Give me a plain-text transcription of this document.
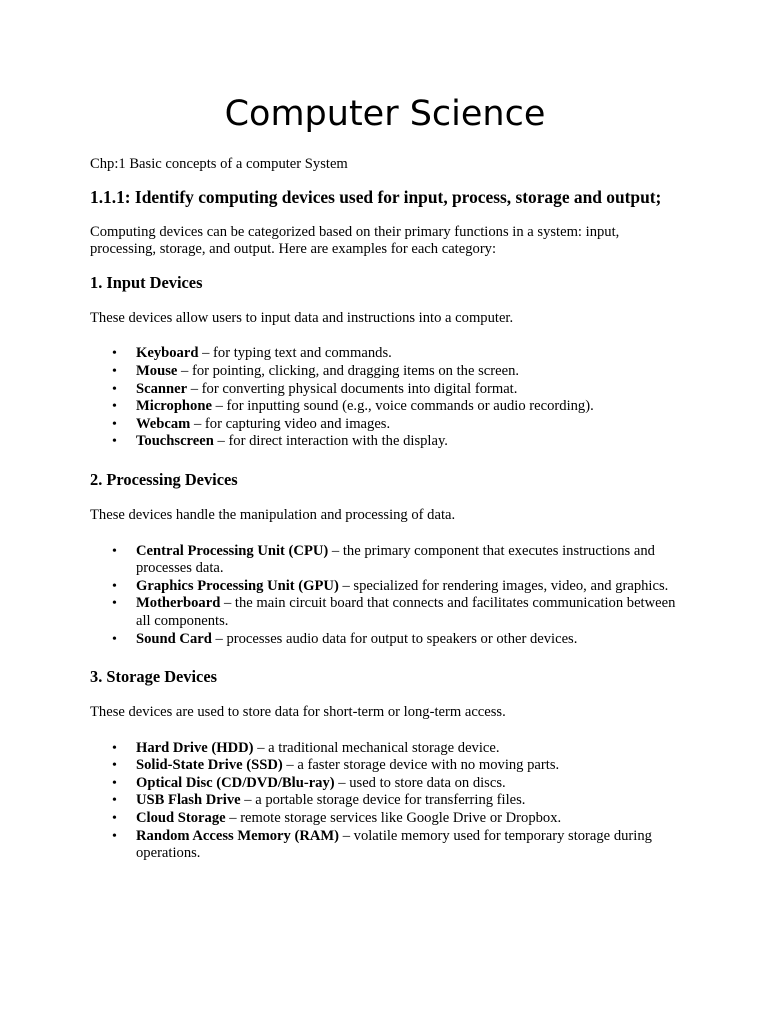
Computer Science

Chp:1 Basic concepts of a computer System

1.1.1: Identify computing devices used for input, process, storage and output;

Computing devices can be categorized based on their primary functions in a system: input, processing, storage, and output. Here are examples for each category:

1. Input Devices

These devices allow users to input data and instructions into a computer.

• Keyboard – for typing text and commands.
• Mouse – for pointing, clicking, and dragging items on the screen.
• Scanner – for converting physical documents into digital format.
• Microphone – for inputting sound (e.g., voice commands or audio recording).
• Webcam – for capturing video and images.
• Touchscreen – for direct interaction with the display.
2. Processing Devices

These devices handle the manipulation and processing of data.

• Central Processing Unit (CPU) – the primary component that executes instructions and processes data.
• Graphics Processing Unit (GPU) – specialized for rendering images, video, and graphics.
• Motherboard – the main circuit board that connects and facilitates communication between all components.
• Sound Card – processes audio data for output to speakers or other devices.
3. Storage Devices

These devices are used to store data for short-term or long-term access.

• Hard Drive (HDD) – a traditional mechanical storage device.
• Solid-State Drive (SSD) – a faster storage device with no moving parts.
• Optical Disc (CD/DVD/Blu-ray) – used to store data on discs.
• USB Flash Drive – a portable storage device for transferring files.
• Cloud Storage – remote storage services like Google Drive or Dropbox.
• Random Access Memory (RAM) – volatile memory used for temporary storage during operations.
